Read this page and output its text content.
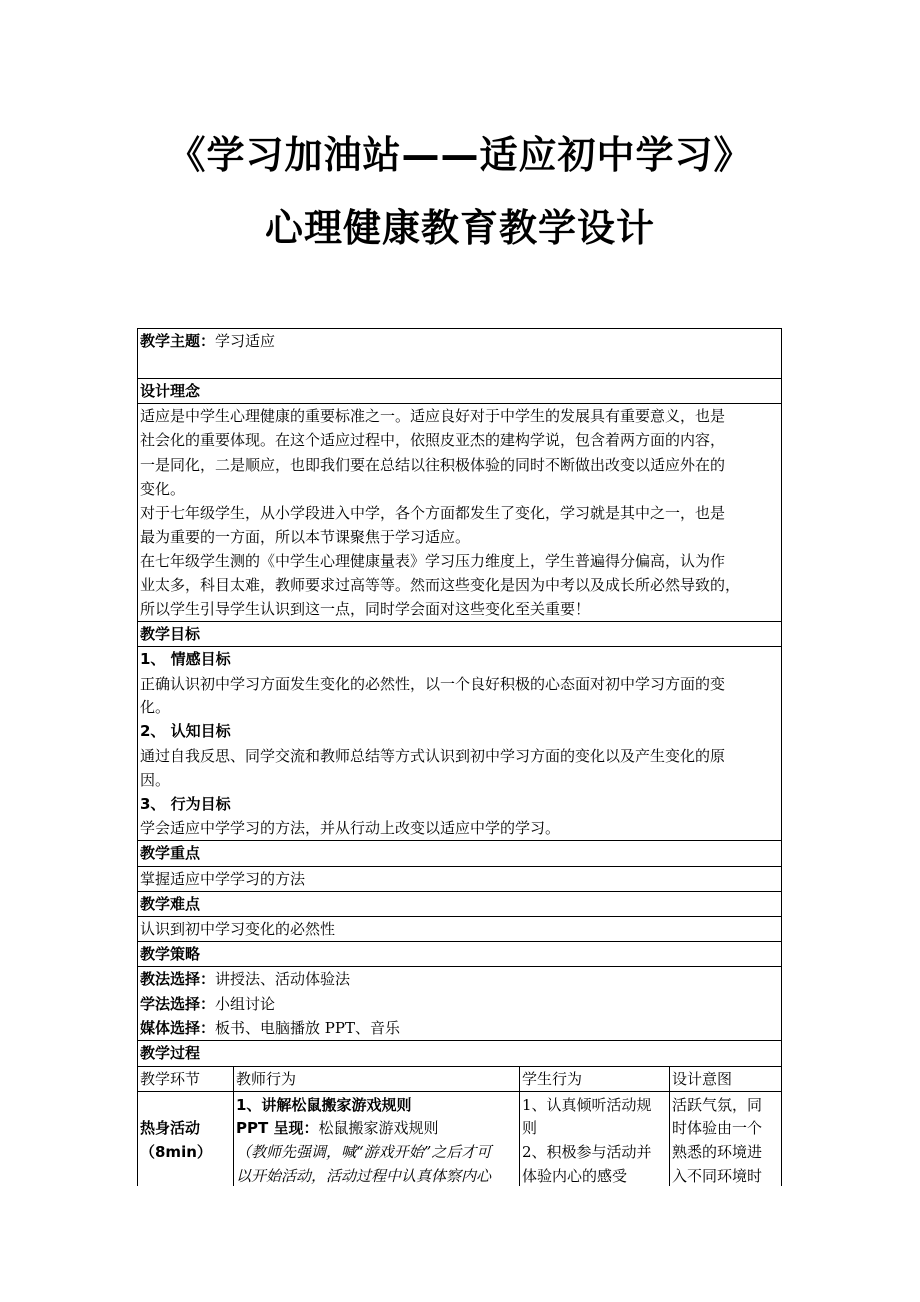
《学习加油站——适应初中学习》
心理健康教育教学设计
教学主题：学习适应
设计理念
适应是中学生心理健康的重要标准之一。适应良好对于中学生的发展具有重要意义，也是
社会化的重要体现。在这个适应过程中，依照皮亚杰的建构学说，包含着两方面的内容，
一是同化，二是顺应，也即我们要在总结以往积极体验的同时不断做出改变以适应外在的
变化。
对于七年级学生，从小学段进入中学，各个方面都发生了变化，学习就是其中之一，也是
最为重要的一方面，所以本节课聚焦于学习适应。
在七年级学生测的《中学生心理健康量表》学习压力维度上，学生普遍得分偏高，认为作
业太多，科目太难，教师要求过高等等。然而这些变化是因为中考以及成长所必然导致的，
所以学生引导学生认识到这一点，同时学会面对这些变化至关重要！
教学目标
1、 情感目标
正确认识初中学习方面发生变化的必然性，以一个良好积极的心态面对初中学习方面的变
化。
2、 认知目标
通过自我反思、同学交流和教师总结等方式认识到初中学习方面的变化以及产生变化的原
因。
3、 行为目标
学会适应中学学习的方法，并从行动上改变以适应中学的学习。
教学重点
掌握适应中学学习的方法
教学难点
认识到初中学习变化的必然性
教学策略
教法选择：讲授法、活动体验法
学法选择：小组讨论
媒体选择：板书、电脑播放 PPT、音乐
教学过程
教学环节 教师行为	学生行为	设计意图
热身活动
（8min）
1、讲解松鼠搬家游戏规则
PPT 呈现：松鼠搬家游戏规则
（教师先强调，喊“游戏开始”之后才可
以开始活动，活动过程中认真体察内心
1、认真倾听活动规
则
2、积极参与活动并
体验内心的感受
活跃气氛，同
时体验由一个
熟悉的环境进
入不同环境时
